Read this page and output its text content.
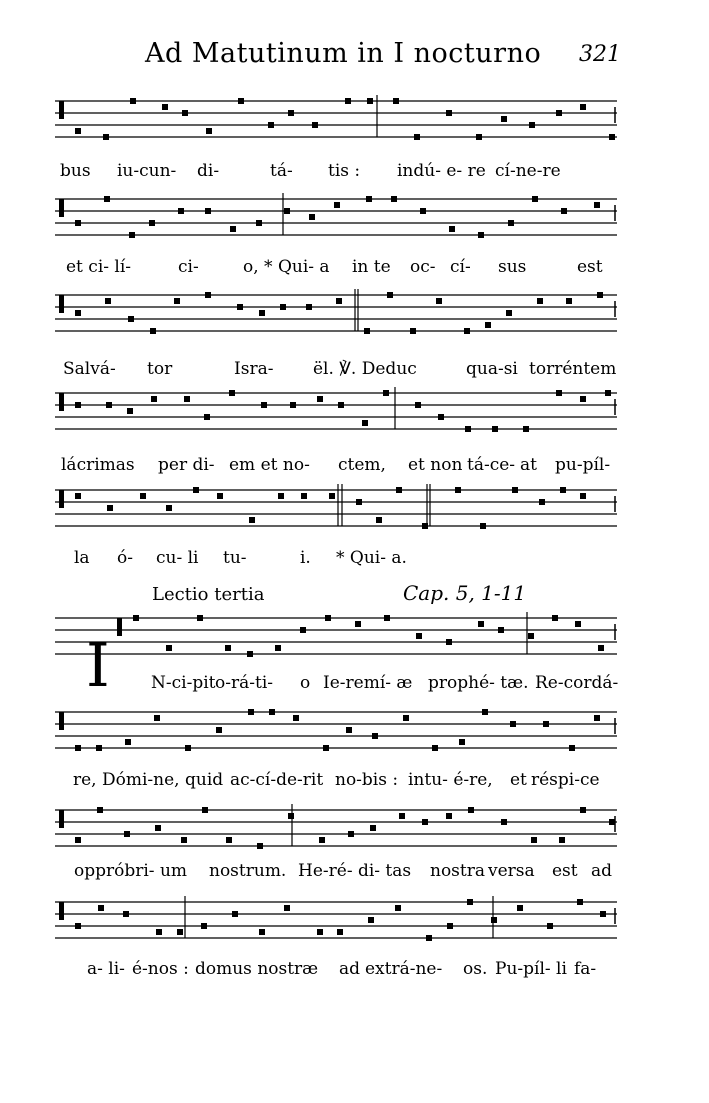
Ad Matutinum in I nocturno 321
bus iu-cun- di-	tá- tis : indú- e- re cí-ne-re
et ci- lí-	ci-	o, * Qui- a in te oc- cí- sus	est
Salvá- tor	Isra- ël. ℣. Deduc	qua-si torréntem
lácrimas per di- em et no- ctem, et non tá-ce- at pu-píl-
la ó- cu- li tu-	i. * Qui- a.
Lectio tertia	Cap. 5, 1-11
I N-ci-pit o-rá-ti- o Ie-remí- æ prophé- tæ. Re-cordá-
re, Dómi-ne, quid ac-cí-de-rit no-bis : intu- é-re, et réspi-ce
oppróbri- um nostrum. He-ré- di- tas nostra versa est ad
a- li- é-nos : domus nostræ ad extrá-ne- os. Pu-píl- li fa-
